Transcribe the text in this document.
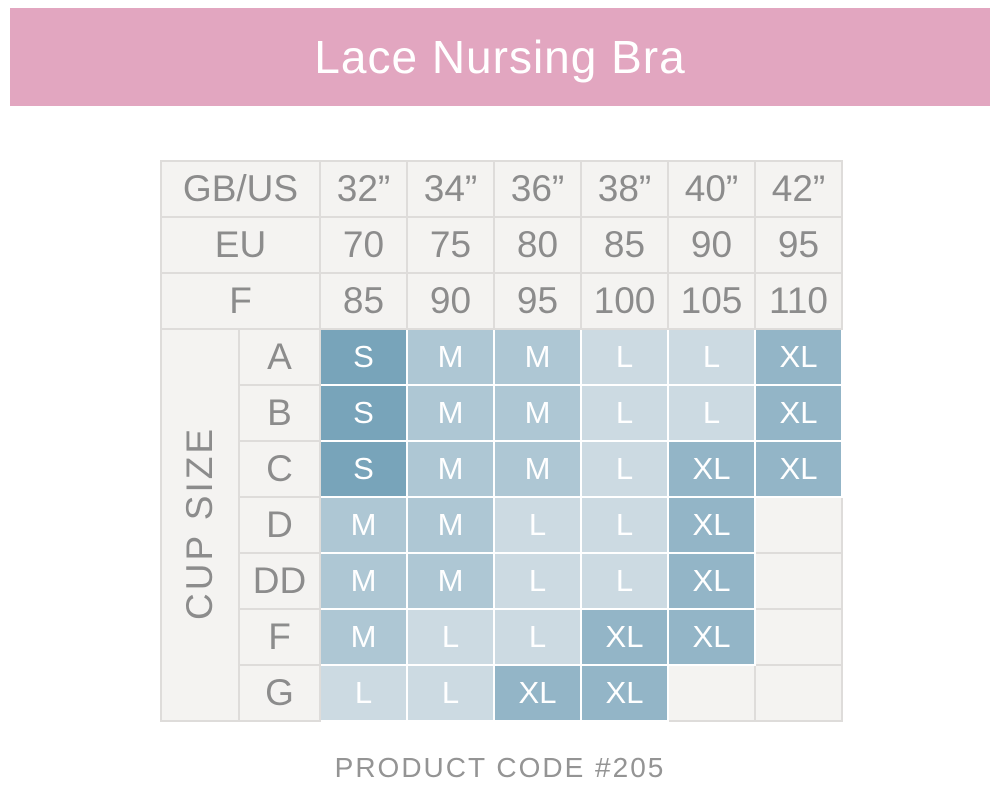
Lace Nursing Bra
GB/US		32”	34”	36”	38”	40”	42”
EU		70	75	80	85	90	95
F		85	90	95	100	105	110
CUP SIZE	A	S	M	M	L	L	XL
	B	S	M	M	L	L	XL
	C	S	M	M	L	XL	XL
	D	M	M	L	L	XL	
	DD	M	M	L	L	XL	
	F	M	L	L	XL	XL	
	G	L	L	XL	XL		
PRODUCT CODE #205
